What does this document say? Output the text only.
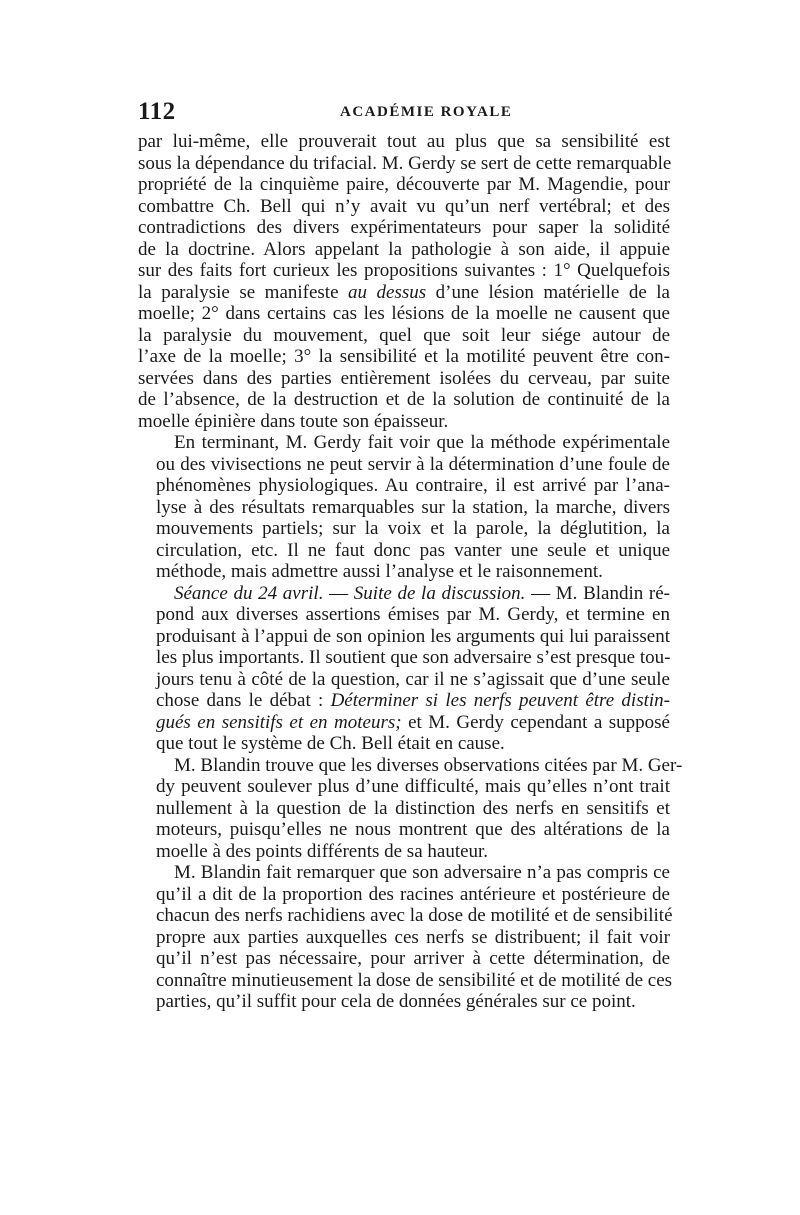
112	ACADÉMIE ROYALE

par lui-même, elle prouverait tout au plus que sa sensibilité est
sous la dépendance du trifacial. M. Gerdy se sert de cette remarquable
propriété de la cinquième paire, découverte par M. Magendie, pour
combattre Ch. Bell qui n’y avait vu qu’un nerf vertébral; et des
contradictions des divers expérimentateurs pour saper la solidité
de la doctrine. Alors appelant la pathologie à son aide, il appuie
sur des faits fort curieux les propositions suivantes : 1° Quelquefois
la paralysie se manifeste au dessus d’une lésion matérielle de la
moelle; 2° dans certains cas les lésions de la moelle ne causent que
la paralysie du mouvement, quel que soit leur siége autour de
l’axe de la moelle; 3° la sensibilité et la motilité peuvent être con-
servées dans des parties entièrement isolées du cerveau, par suite
de l’absence, de la destruction et de la solution de continuité de la
moelle épinière dans toute son épaisseur.

En terminant, M. Gerdy fait voir que la méthode expérimentale
ou des vivisections ne peut servir à la détermination d’une foule de
phénomènes physiologiques. Au contraire, il est arrivé par l’ana-
lyse à des résultats remarquables sur la station, la marche, divers
mouvements partiels; sur la voix et la parole, la déglutition, la
circulation, etc. Il ne faut donc pas vanter une seule et unique
méthode, mais admettre aussi l’analyse et le raisonnement.

Séance du 24 avril. — Suite de la discussion. — M. Blandin ré-
pond aux diverses assertions émises par M. Gerdy, et termine en
produisant à l’appui de son opinion les arguments qui lui paraissent
les plus importants. Il soutient que son adversaire s’est presque tou-
jours tenu à côté de la question, car il ne s’agissait que d’une seule
chose dans le débat : Déterminer si les nerfs peuvent être distin-
gués en sensitifs et en moteurs; et M. Gerdy cependant a supposé
que tout le système de Ch. Bell était en cause.

M. Blandin trouve que les diverses observations citées par M. Ger-
dy peuvent soulever plus d’une difficulté, mais qu’elles n’ont trait
nullement à la question de la distinction des nerfs en sensitifs et
moteurs, puisqu’elles ne nous montrent que des altérations de la
moelle à des points différents de sa hauteur.

M. Blandin fait remarquer que son adversaire n’a pas compris ce
qu’il a dit de la proportion des racines antérieure et postérieure de
chacun des nerfs rachidiens avec la dose de motilité et de sensibilité
propre aux parties auxquelles ces nerfs se distribuent; il fait voir
qu’il n’est pas nécessaire, pour arriver à cette détermination, de
connaître minutieusement la dose de sensibilité et de motilité de ces
parties, qu’il suffit pour cela de données générales sur ce point.
